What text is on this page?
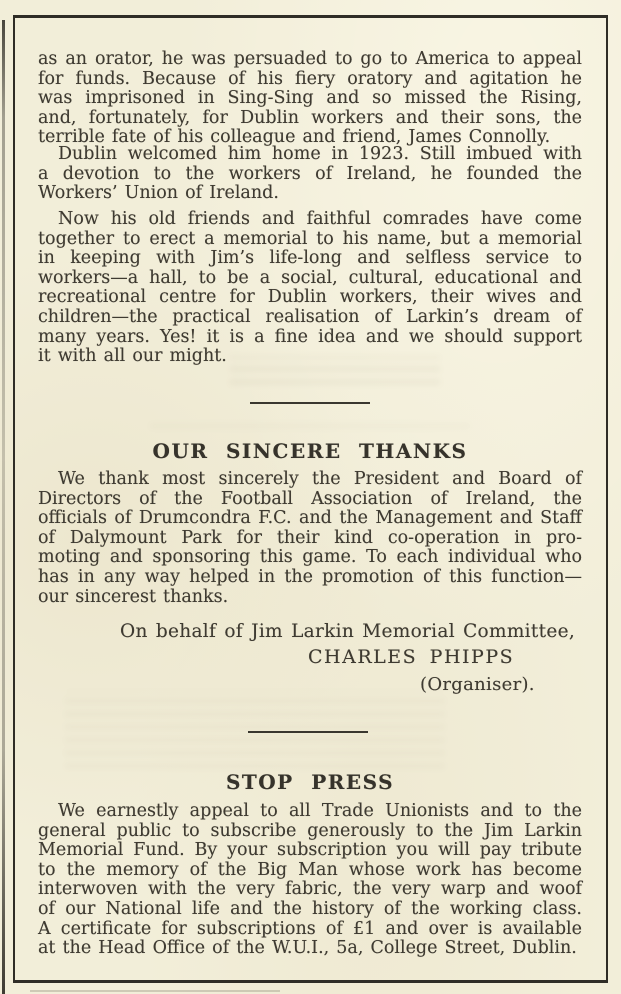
as an orator, he was persuaded to go to America to appeal
for funds. Because of his fiery oratory and agitation he
was imprisoned in Sing-Sing and so missed the Rising,
and, fortunately, for Dublin workers and their sons, the
terrible fate of his colleague and friend, James Connolly.
Dublin welcomed him home in 1923. Still imbued with
a devotion to the workers of Ireland, he founded the
Workers’ Union of Ireland.
Now his old friends and faithful comrades have come
together to erect a memorial to his name, but a memorial
in keeping with Jim’s life-long and selfless service to
workers—a hall, to be a social, cultural, educational and
recreational centre for Dublin workers, their wives and
children—the practical realisation of Larkin’s dream of
many years. Yes! it is a fine idea and we should support
it with all our might.
OUR SINCERE THANKS
We thank most sincerely the President and Board of
Directors of the Football Association of Ireland, the
officials of Drumcondra F.C. and the Management and Staff
of Dalymount Park for their kind co-operation in pro-
moting and sponsoring this game. To each individual who
has in any way helped in the promotion of this function—
our sincerest thanks.
On behalf of Jim Larkin Memorial Committee,
CHARLES PHIPPS
(Organiser).
STOP PRESS
We earnestly appeal to all Trade Unionists and to the
general public to subscribe generously to the Jim Larkin
Memorial Fund. By your subscription you will pay tribute
to the memory of the Big Man whose work has become
interwoven with the very fabric, the very warp and woof
of our National life and the history of the working class.
A certificate for subscriptions of £1 and over is available
at the Head Office of the W.U.I., 5a, College Street, Dublin.
